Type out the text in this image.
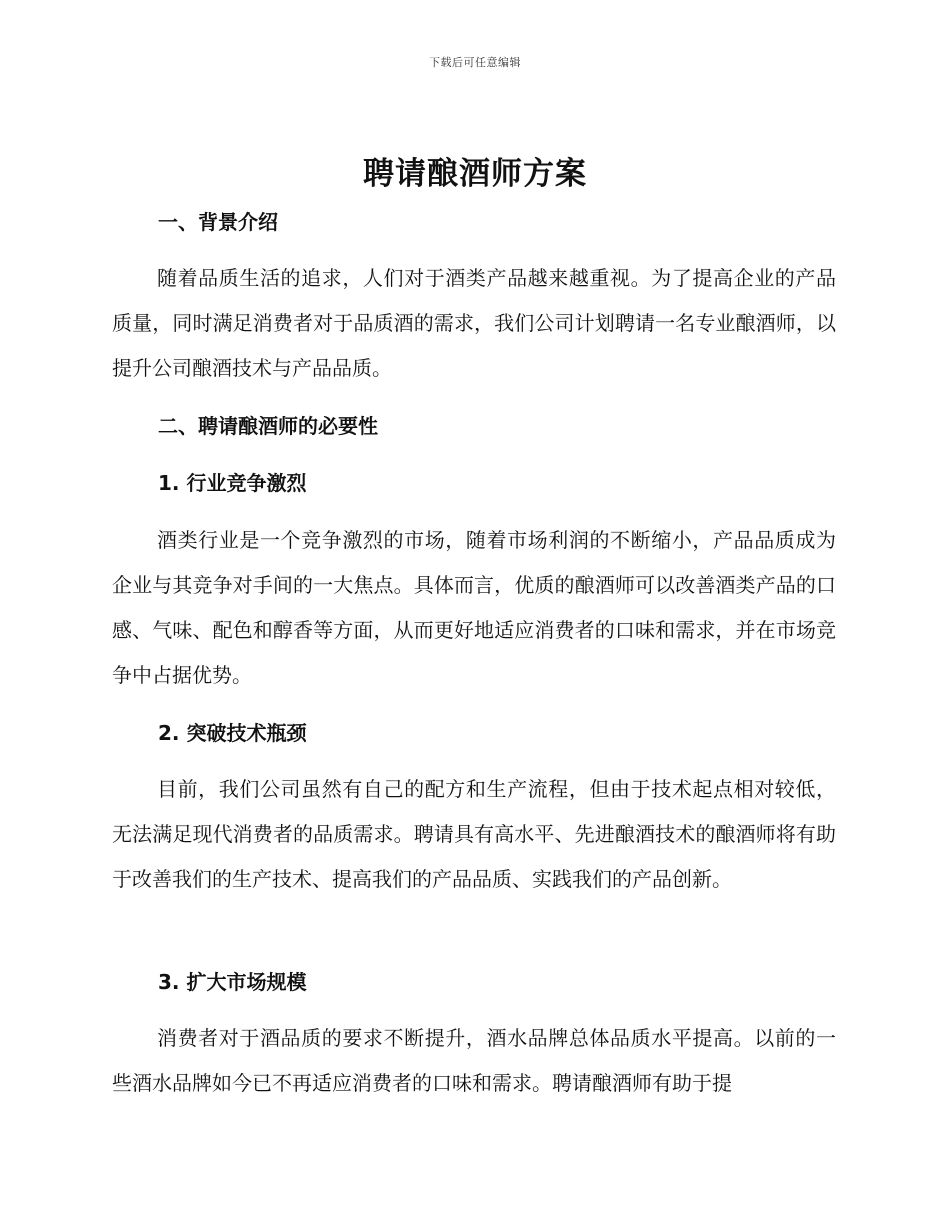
下载后可任意编辑
聘请酿酒师方案
一、背景介绍

随着品质生活的追求，人们对于酒类产品越来越重视。为了提高企业的产品质量，同时满足消费者对于品质酒的需求，我们公司计划聘请一名专业酿酒师，以提升公司酿酒技术与产品品质。

二、聘请酿酒师的必要性
1. 行业竞争激烈

酒类行业是一个竞争激烈的市场，随着市场利润的不断缩小，产品品质成为企业与其竞争对手间的一大焦点。具体而言，优质的酿酒师可以改善酒类产品的口感、气味、配色和醇香等方面，从而更好地适应消费者的口味和需求，并在市场竞争中占据优势。

2. 突破技术瓶颈

目前，我们公司虽然有自己的配方和生产流程，但由于技术起点相对较低，无法满足现代消费者的品质需求。聘请具有高水平、先进酿酒技术的酿酒师将有助于改善我们的生产技术、提高我们的产品品质、实践我们的产品创新。

3. 扩大市场规模

消费者对于酒品质的要求不断提升，酒水品牌总体品质水平提高。以前的一些酒水品牌如今已不再适应消费者的口味和需求。聘请酿酒师有助于提
